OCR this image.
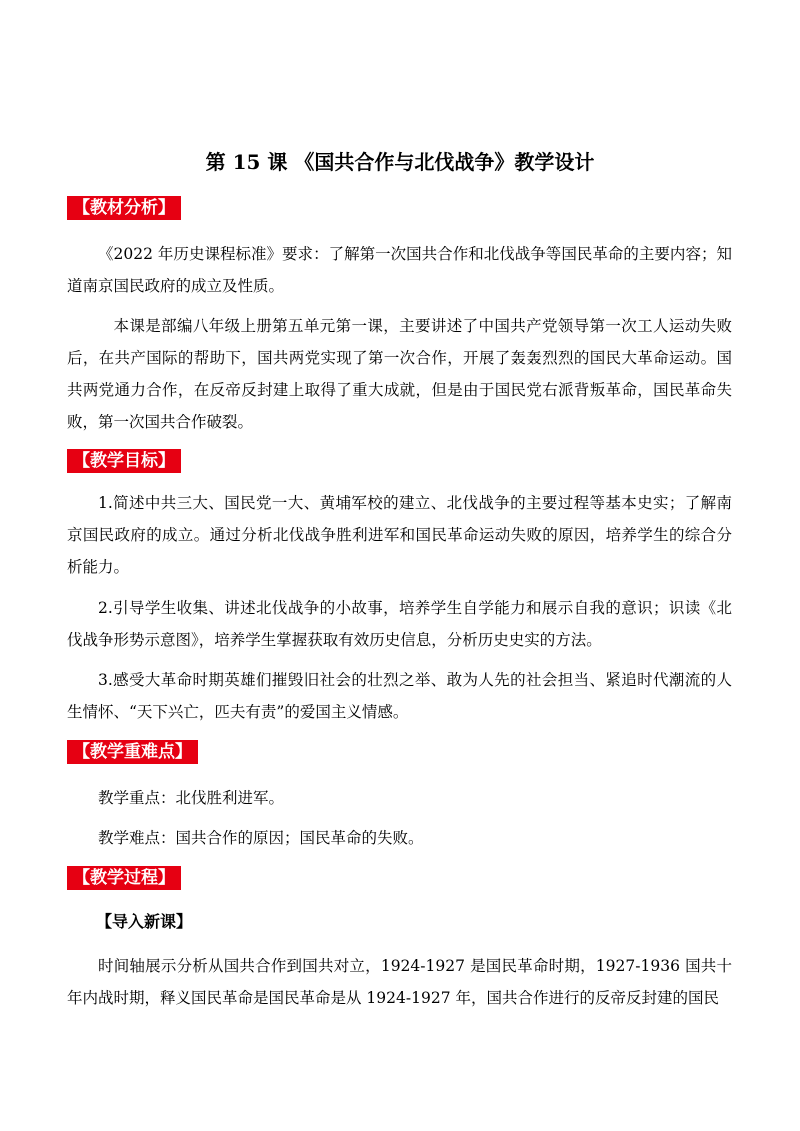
第 15 课 《国共合作与北伐战争》教学设计
【教材分析】
《2022 年历史课程标准》要求：了解第一次国共合作和北伐战争等国民革命的主要内容；知道南京国民政府的成立及性质。
本课是部编八年级上册第五单元第一课，主要讲述了中国共产党领导第一次工人运动失败后，在共产国际的帮助下，国共两党实现了第一次合作，开展了轰轰烈烈的国民大革命运动。国共两党通力合作，在反帝反封建上取得了重大成就，但是由于国民党右派背叛革命，国民革命失败，第一次国共合作破裂。
【教学目标】
1.简述中共三大、国民党一大、黄埔军校的建立、北伐战争的主要过程等基本史实；了解南京国民政府的成立。通过分析北伐战争胜利进军和国民革命运动失败的原因，培养学生的综合分析能力。
2.引导学生收集、讲述北伐战争的小故事，培养学生自学能力和展示自我的意识；识读《北伐战争形势示意图》，培养学生掌握获取有效历史信息，分析历史史实的方法。
3.感受大革命时期英雄们摧毁旧社会的壮烈之举、敢为人先的社会担当、紧追时代潮流的人生情怀、“天下兴亡，匹夫有责”的爱国主义情感。
【教学重难点】
教学重点：北伐胜利进军。
教学难点：国共合作的原因；国民革命的失败。
【教学过程】
【导入新课】
时间轴展示分析从国共合作到国共对立，1924-1927 是国民革命时期，1927-1936 国共十年内战时期，释义国民革命是国民革命是从 1924-1927 年，国共合作进行的反帝反封建的国民
